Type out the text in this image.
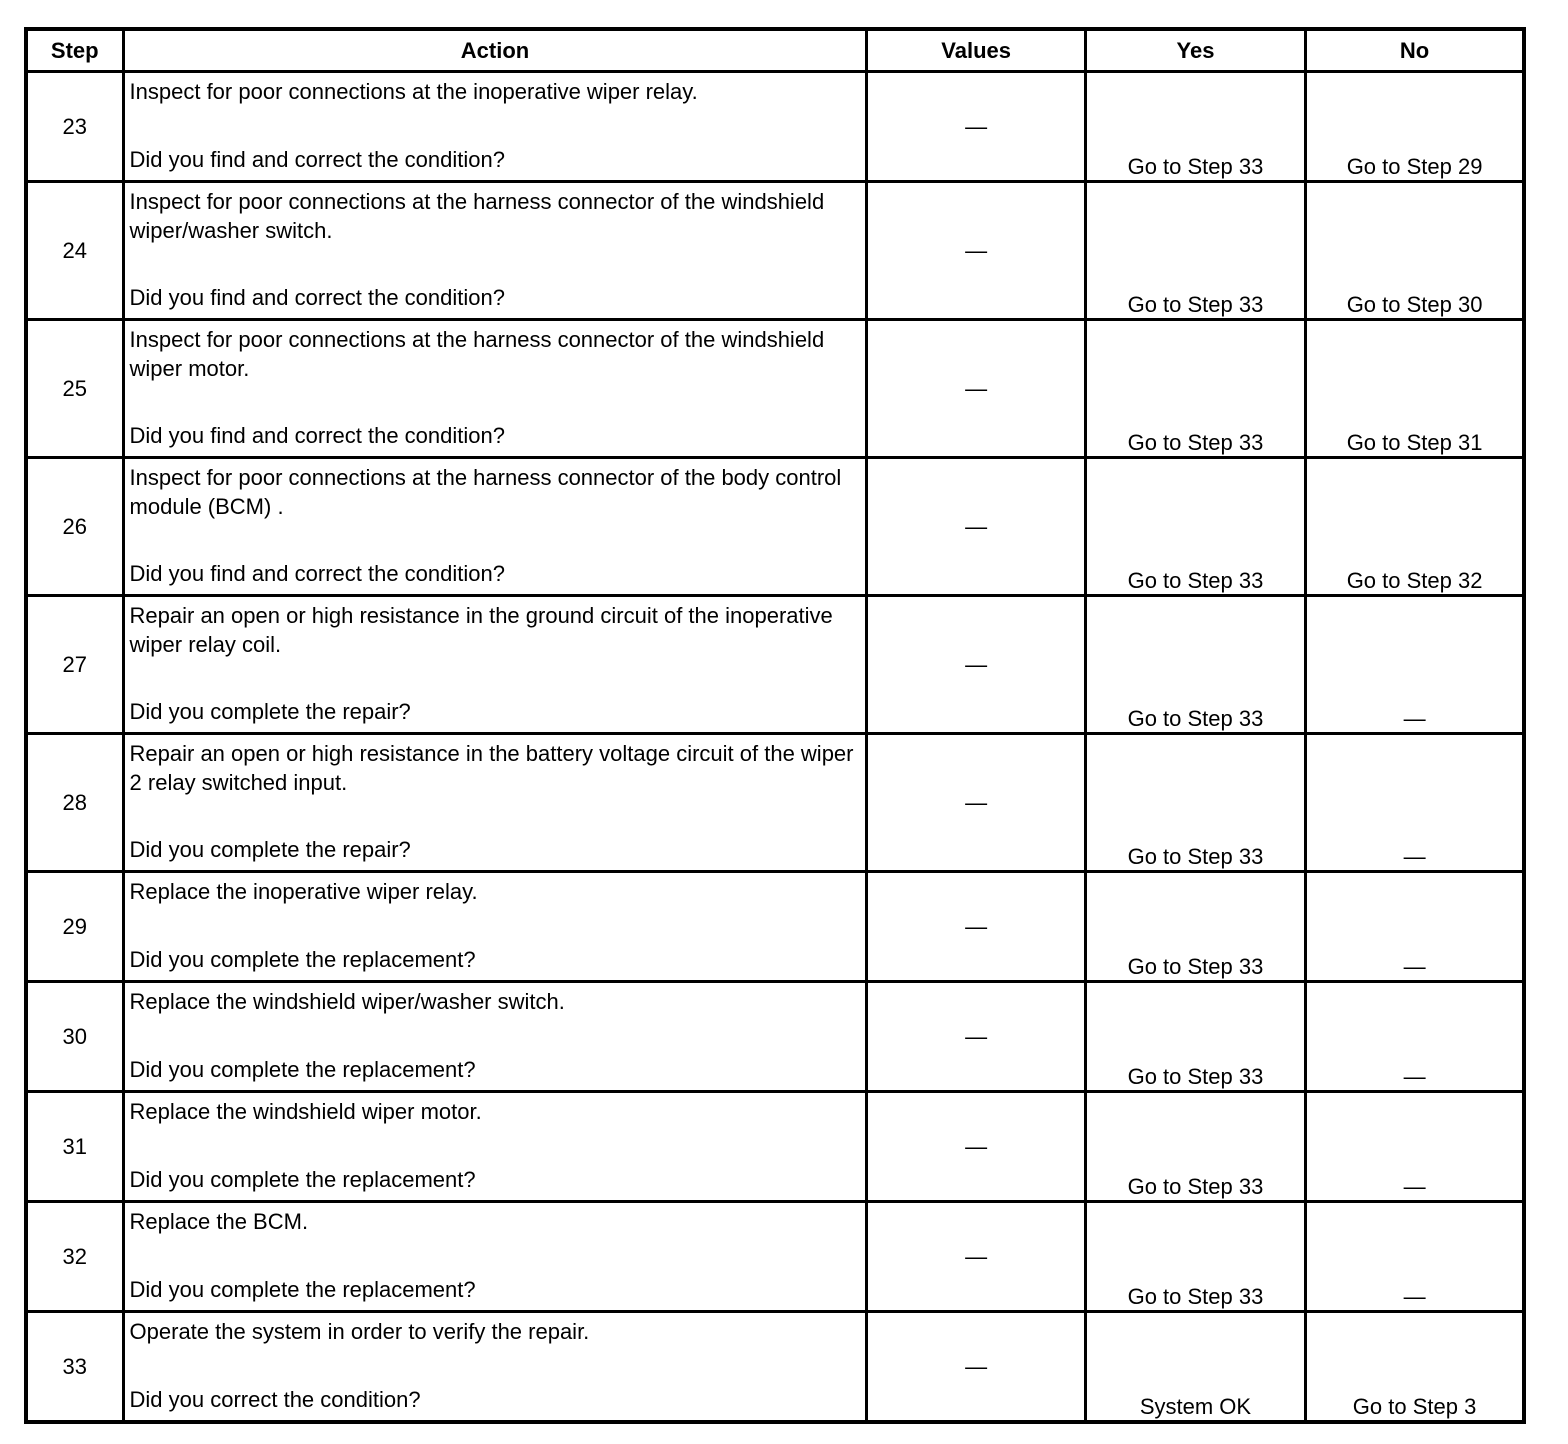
Step	Action	Values	Yes	No
23	Inspect for poor connections at the inoperative wiper relay.
Did you find and correct the condition?	—	Go to Step 33	Go to Step 29
24	Inspect for poor connections at the harness connector of the windshield wiper/washer switch.
Did you find and correct the condition?	—	Go to Step 33	Go to Step 30
25	Inspect for poor connections at the harness connector of the windshield wiper motor.
Did you find and correct the condition?	—	Go to Step 33	Go to Step 31
26	Inspect for poor connections at the harness connector of the body control module (BCM) .
Did you find and correct the condition?	—	Go to Step 33	Go to Step 32
27	Repair an open or high resistance in the ground circuit of the inoperative wiper relay coil.
Did you complete the repair?	—	Go to Step 33	—
28	Repair an open or high resistance in the battery voltage circuit of the wiper 2 relay switched input.
Did you complete the repair?	—	Go to Step 33	—
29	Replace the inoperative wiper relay.
Did you complete the replacement?	—	Go to Step 33	—
30	Replace the windshield wiper/washer switch.
Did you complete the replacement?	—	Go to Step 33	—
31	Replace the windshield wiper motor.
Did you complete the replacement?	—	Go to Step 33	—
32	Replace the BCM.
Did you complete the replacement?	—	Go to Step 33	—
33	Operate the system in order to verify the repair.
Did you correct the condition?	—	System OK	Go to Step 3
